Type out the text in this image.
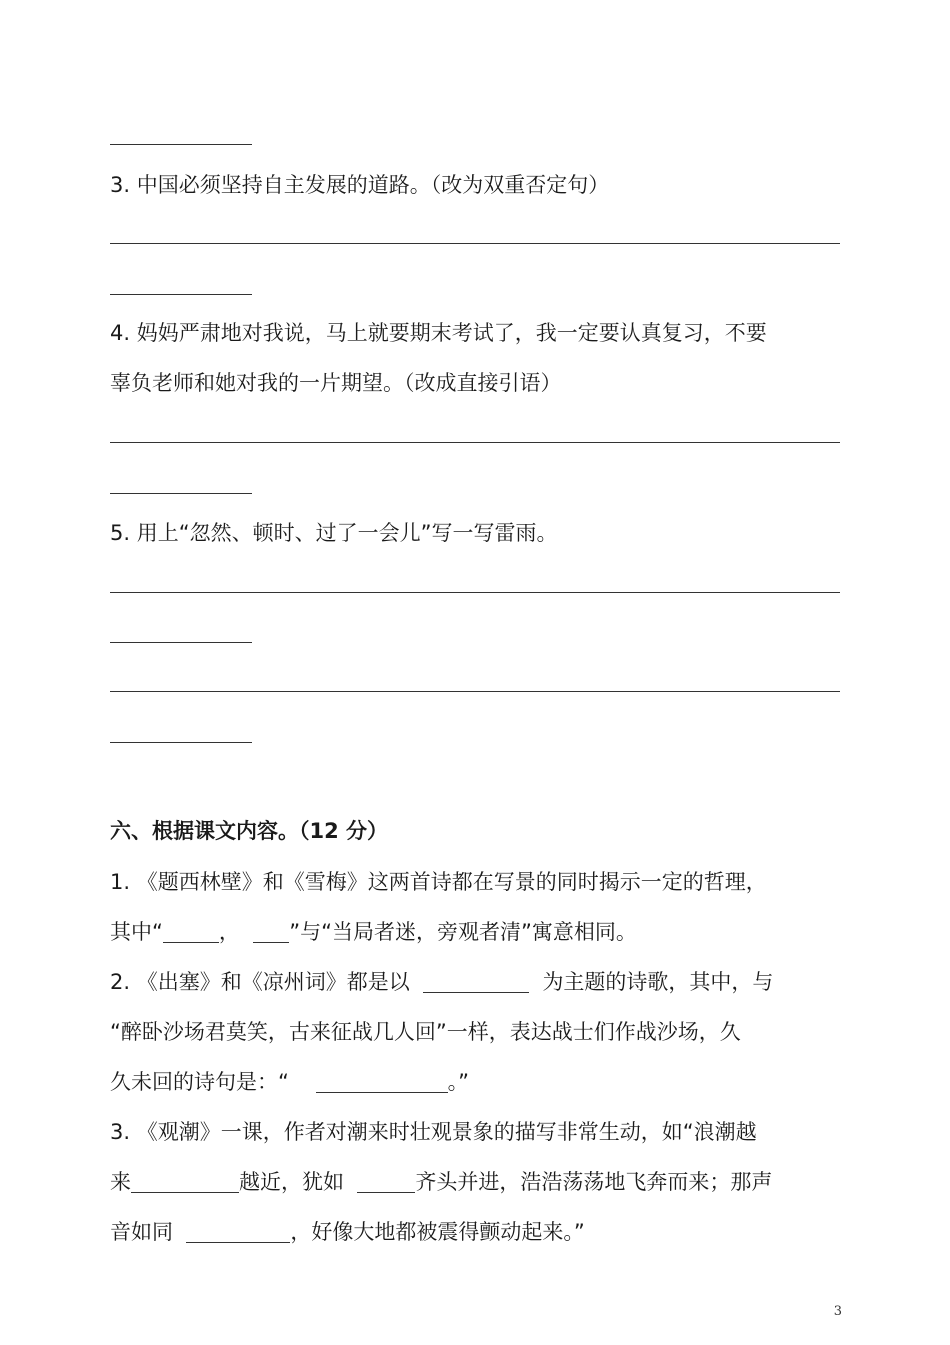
3. 中国必须坚持自主发展的道路。（改为双重否定句）
4. 妈妈严肃地对我说，马上就要期末考试了，我一定要认真复习，不要
辜负老师和她对我的一片期望。（改成直接引语）
5. 用上“忽然、顿时、过了一会儿”写一写雷雨。
六、根据课文内容。（12 分）
1. 《题西林壁》和《雪梅》这两首诗都在写景的同时揭示一定的哲理，
其中“	， ”与“当局者迷，旁观者清”寓意相同。
2. 《出塞》和《凉州词》都是以	为主题的诗歌，其中，与
“醉卧沙场君莫笑，古来征战几人回”一样，表达战士们作战沙场，久
久未回的诗句是：“	。”
3. 《观潮》一课，作者对潮来时壮观景象的描写非常生动，如“浪潮越
来	越近，犹如	齐头并进，浩浩荡荡地飞奔而来；那声
音如同	，好像大地都被震得颤动起来。”
3
